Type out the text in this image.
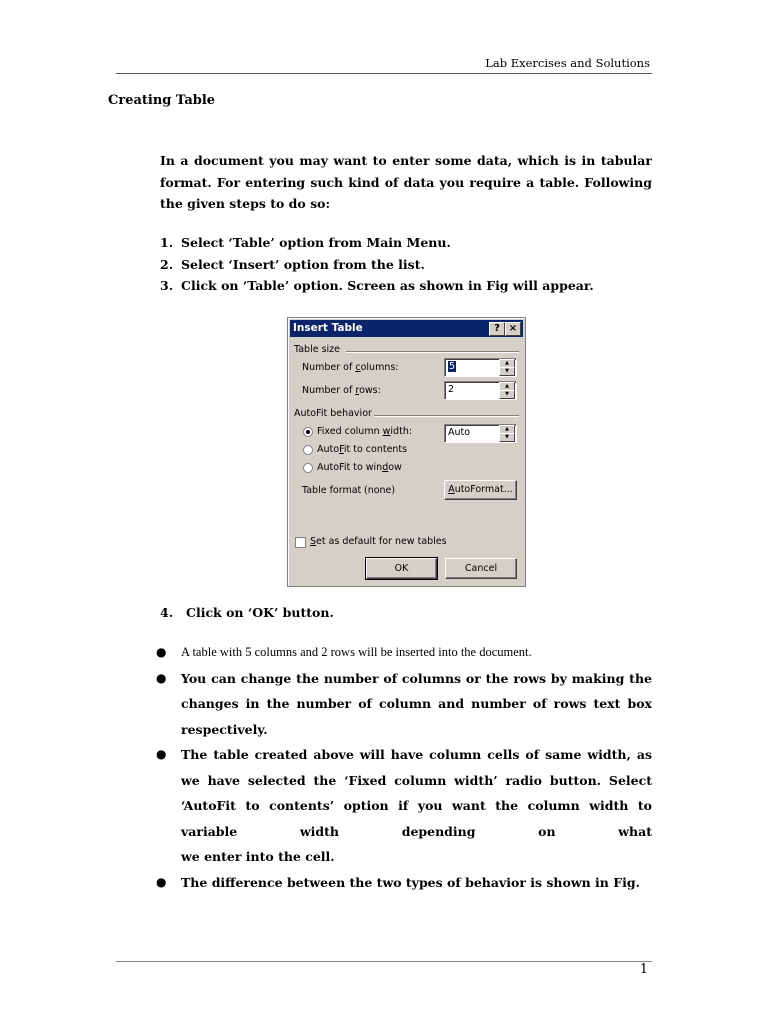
Lab Exercises and Solutions
Creating Table

In a document you may want to enter some data, which is in tabular format. For entering such kind of data you require a table. Following the given steps to do so:

1. Select ‘Table’ option from Main Menu.
2. Select ‘Insert’ option from the list.
3. Click on ‘Table’ option. Screen as shown in Fig will appear.
Insert Table	? ×
Table size
Number of columns:	5	▲
▼
Number of rows:	2	▲
▼
AutoFit behavior
Fixed column width:	Auto	▲
▼
AutoFit to contents
AutoFit to window
Table format (none)	AutoFormat...
Set as default for new tables
OK	Cancel
4.	Click on ‘OK’ button.
●	A table with 5 columns and 2 rows will be inserted into the document.
●	You can change the number of columns or the rows by making the changes in the number of column and number of rows text box
respectively.
●	The table created above will have column cells of same width, as we have selected the ‘Fixed column width’ radio button. Select ‘AutoFit to contents’ option if you want the column width to variable width depending on what
we enter into the cell.
●	The difference between the two types of behavior is shown in Fig.
1
